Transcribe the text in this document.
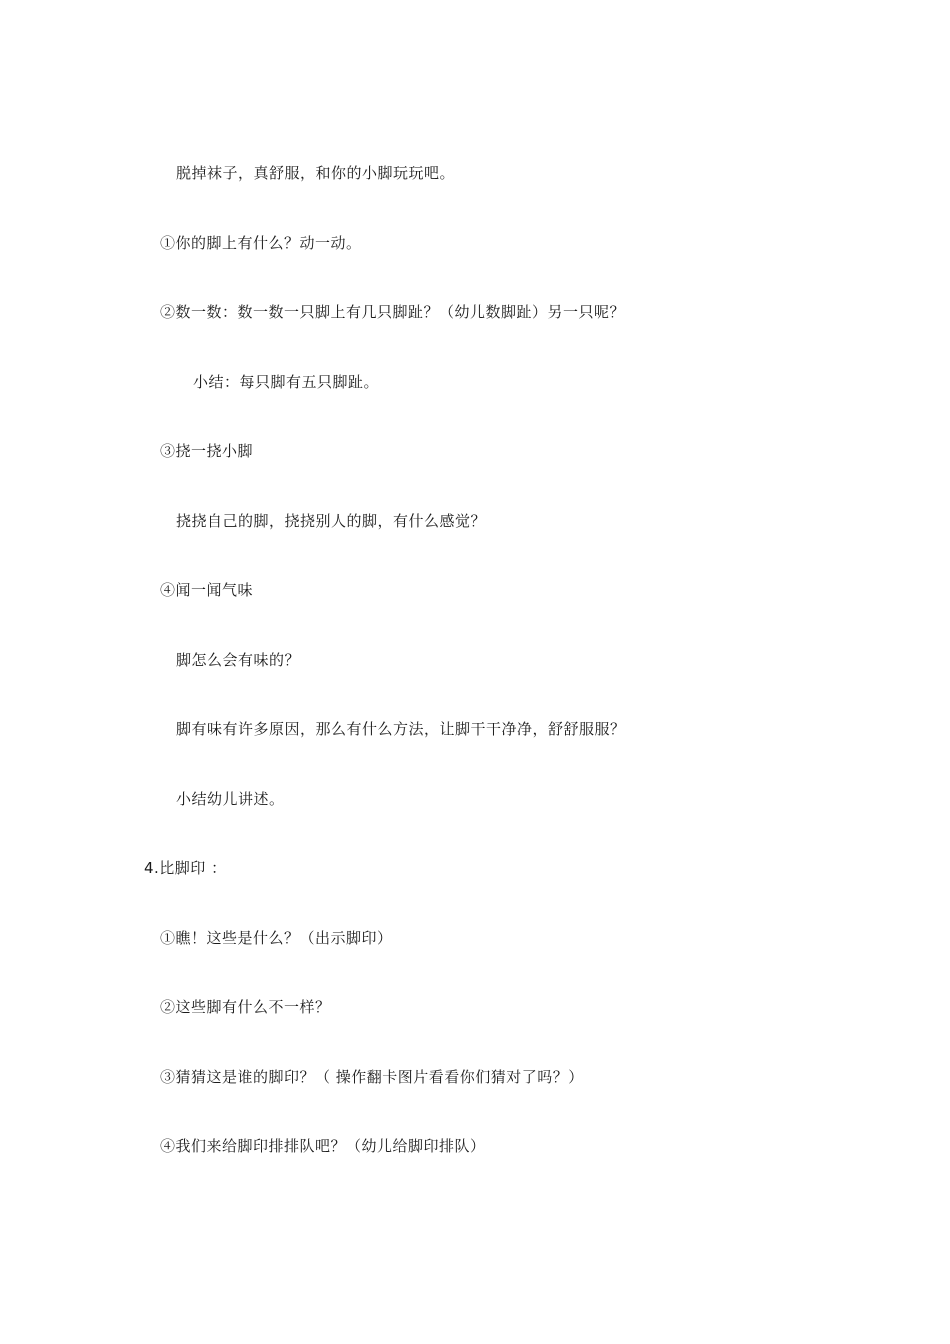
脱掉袜子，真舒服，和你的小脚玩玩吧。
①你的脚上有什么？动一动。
②数一数：数一数一只脚上有几只脚趾？（幼儿数脚趾）另一只呢？
小结：每只脚有五只脚趾。
③挠一挠小脚
挠挠自己的脚，挠挠别人的脚，有什么感觉？
④闻一闻气味
脚怎么会有味的？
脚有味有许多原因，那么有什么方法，让脚干干净净，舒舒服服？
小结幼儿讲述。
4.比脚印 ：
①瞧！这些是什么？（出示脚印）
②这些脚有什么不一样？
③猜猜这是谁的脚印？（ 操作翻卡图片看看你们猜对了吗？）
④我们来给脚印排排队吧？（幼儿给脚印排队）
